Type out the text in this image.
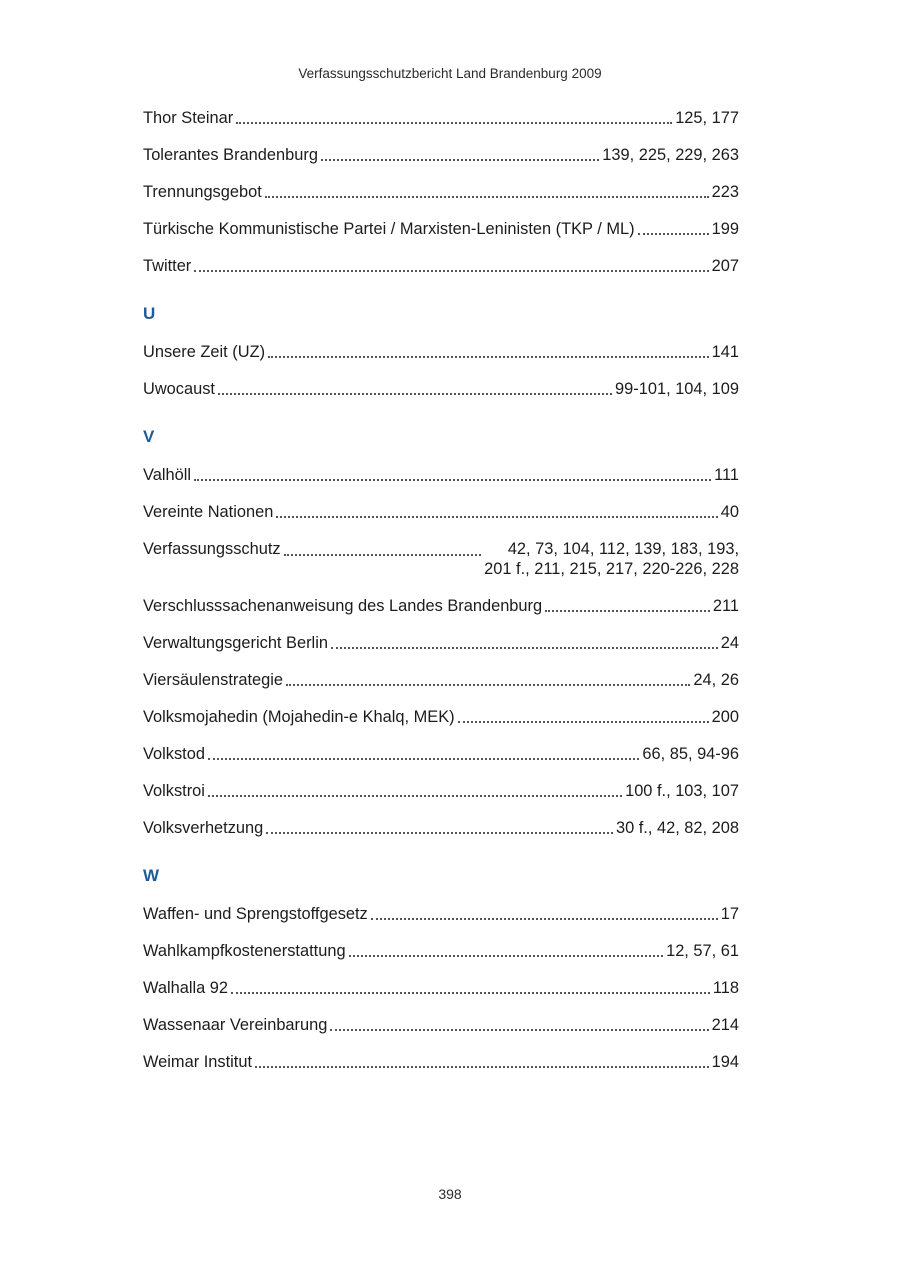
Verfassungsschutzbericht Land Brandenburg 2009
Thor Steinar	125, 177
Tolerantes Brandenburg	139, 225, 229, 263
Trennungsgebot	223
Türkische Kommunistische Partei / Marxisten-Leninisten (TKP / ML)	199
Twitter	207
U
Unsere Zeit (UZ)	141
Uwocaust	99-101, 104, 109
V
Valhöll	111
Vereinte Nationen	40
Verfassungsschutz	42, 73, 104, 112, 139, 183, 193,
201 f., 211, 215, 217, 220-226, 228
Verschlusssachenanweisung des Landes Brandenburg	211
Verwaltungsgericht Berlin	24
Viersäulenstrategie	24, 26
Volksmojahedin (Mojahedin-e Khalq, MEK)	200
Volkstod	66, 85, 94-96
Volkstroi	100 f., 103, 107
Volksverhetzung	30 f., 42, 82, 208
W
Waffen- und Sprengstoffgesetz	17
Wahlkampfkostenerstattung	12, 57, 61
Walhalla 92	118
Wassenaar Vereinbarung	214
Weimar Institut	194
398
